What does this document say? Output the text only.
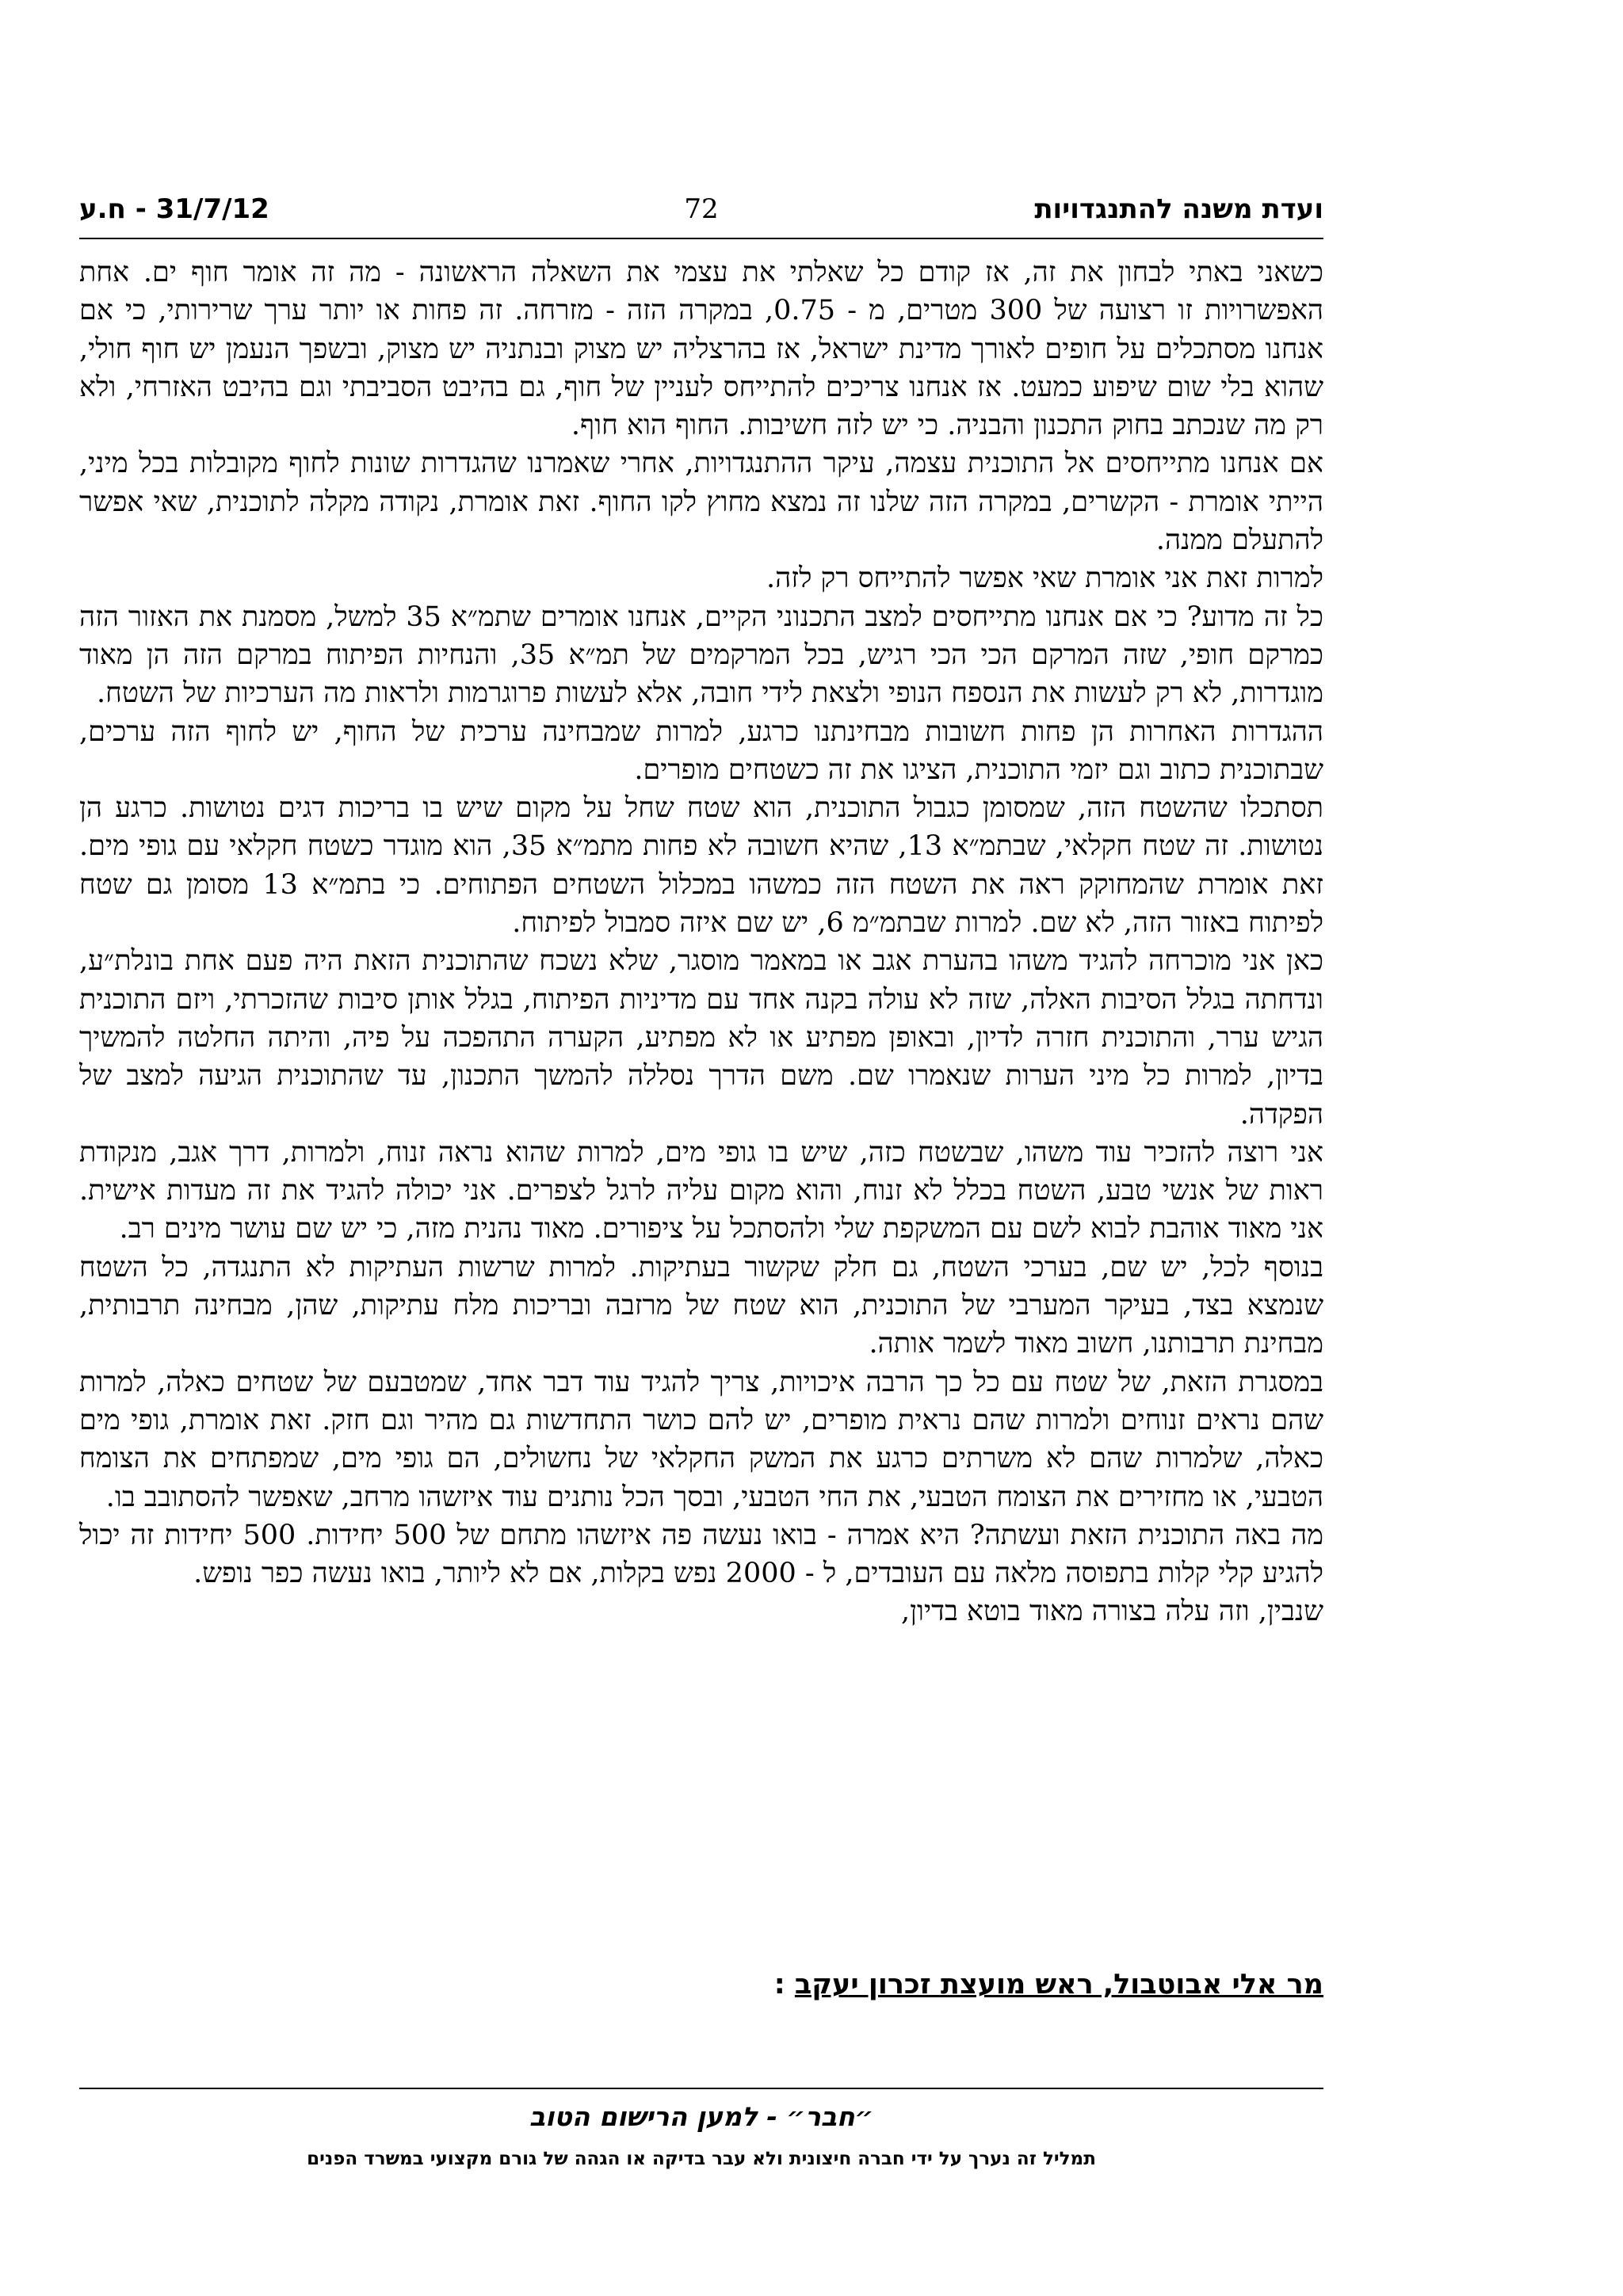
ועדת משנה להתנגדויות
72
31/7/12 - ח.ע

כשאני באתי לבחון את זה, אז קודם כל שאלתי את עצמי את השאלה הראשונה - מה זה אומר חוף ים. אחת האפשרויות זו רצועה של 300 מטרים, מ - 0.75, במקרה הזה - מזרחה. זה פחות או יותר ערך שרירותי, כי אם אנחנו מסתכלים על חופים לאורך מדינת ישראל, אז בהרצליה יש מצוק ובנתניה יש מצוק, ובשפך הנעמן יש חוף חולי, שהוא בלי שום שיפוע כמעט. אז אנחנו צריכים להתייחס לעניין של חוף, גם בהיבט הסביבתי וגם בהיבט האזרחי, ולא רק מה שנכתב בחוק התכנון והבניה. כי יש לזה חשיבות. החוף הוא חוף.

אם אנחנו מתייחסים אל התוכנית עצמה, עיקר ההתנגדויות, אחרי שאמרנו שהגדרות שונות לחוף מקובלות בכל מיני, הייתי אומרת - הקשרים, במקרה הזה שלנו זה נמצא מחוץ לקו החוף. זאת אומרת, נקודה מקלה לתוכנית, שאי אפשר להתעלם ממנה.

למרות זאת אני אומרת שאי אפשר להתייחס רק לזה.

כל זה מדוע? כי אם אנחנו מתייחסים למצב התכנוני הקיים, אנחנו אומרים שתמ״א 35 למשל, מסמנת את האזור הזה כמרקם חופי, שזה המרקם הכי הכי רגיש, בכל המרקמים של תמ״א 35, והנחיות הפיתוח במרקם הזה הן מאוד מוגדרות, לא רק לעשות את הנספח הנופי ולצאת לידי חובה, אלא לעשות פרוגרמות ולראות מה הערכיות של השטח.

ההגדרות האחרות הן פחות חשובות מבחינתנו כרגע, למרות שמבחינה ערכית של החוף, יש לחוף הזה ערכים, שבתוכנית כתוב וגם יזמי התוכנית, הציגו את זה כשטחים מופרים.

תסתכלו שהשטח הזה, שמסומן כגבול התוכנית, הוא שטח שחל על מקום שיש בו בריכות דגים נטושות. כרגע הן נטושות. זה שטח חקלאי, שבתמ״א 13, שהיא חשובה לא פחות מתמ״א 35, הוא מוגדר כשטח חקלאי עם גופי מים. זאת אומרת שהמחוקק ראה את השטח הזה כמשהו במכלול השטחים הפתוחים. כי בתמ״א 13 מסומן גם שטח לפיתוח באזור הזה, לא שם. למרות שבתמ״מ 6, יש שם איזה סמבול לפיתוח.

כאן אני מוכרחה להגיד משהו בהערת אגב או במאמר מוסגר, שלא נשכח שהתוכנית הזאת היה פעם אחת בונלת״ע, ונדחתה בגלל הסיבות האלה, שזה לא עולה בקנה אחד עם מדיניות הפיתוח, בגלל אותן סיבות שהזכרתי, ויזם התוכנית הגיש ערר, והתוכנית חזרה לדיון, ובאופן מפתיע או לא מפתיע, הקערה התהפכה על פיה, והיתה החלטה להמשיך בדיון, למרות כל מיני הערות שנאמרו שם. משם הדרך נסללה להמשך התכנון, עד שהתוכנית הגיעה למצב של הפקדה.

אני רוצה להזכיר עוד משהו, שבשטח כזה, שיש בו גופי מים, למרות שהוא נראה זנוח, ולמרות, דרך אגב, מנקודת ראות של אנשי טבע, השטח בכלל לא זנוח, והוא מקום עליה לרגל לצפרים. אני יכולה להגיד את זה מעדות אישית. אני מאוד אוהבת לבוא לשם עם המשקפת שלי ולהסתכל על ציפורים. מאוד נהנית מזה, כי יש שם עושר מינים רב.

בנוסף לכל, יש שם, בערכי השטח, גם חלק שקשור בעתיקות. למרות שרשות העתיקות לא התנגדה, כל השטח שנמצא בצד, בעיקר המערבי של התוכנית, הוא שטח של מרזבה ובריכות מלח עתיקות, שהן, מבחינה תרבותית, מבחינת תרבותנו, חשוב מאוד לשמר אותה.

במסגרת הזאת, של שטח עם כל כך הרבה איכויות, צריך להגיד עוד דבר אחד, שמטבעם של שטחים כאלה, למרות שהם נראים זנוחים ולמרות שהם נראית מופרים, יש להם כושר התחדשות גם מהיר וגם חזק. זאת אומרת, גופי מים כאלה, שלמרות שהם לא משרתים כרגע את המשק החקלאי של נחשולים, הם גופי מים, שמפתחים את הצומח הטבעי, או מחזירים את הצומח הטבעי, את החי הטבעי, ובסך הכל נותנים עוד איזשהו מרחב, שאפשר להסתובב בו.

מה באה התוכנית הזאת ועשתה? היא אמרה - בואו נעשה פה איזשהו מתחם של 500 יחידות. 500 יחידות זה יכול להגיע קלי קלות בתפוסה מלאה עם העובדים, ל - 2000 נפש בקלות, אם לא ליותר, בואו נעשה כפר נופש.

שנבין, וזה עלה בצורה מאוד בוטא בדיון,

מר אלי אבוטבול, ראש מועצת זכרון יעקב :
״חבר״ - למען הרישום הטוב
תמליל זה נערך על ידי חברה חיצונית ולא עבר בדיקה או הגהה של גורם מקצועי במשרד הפנים
